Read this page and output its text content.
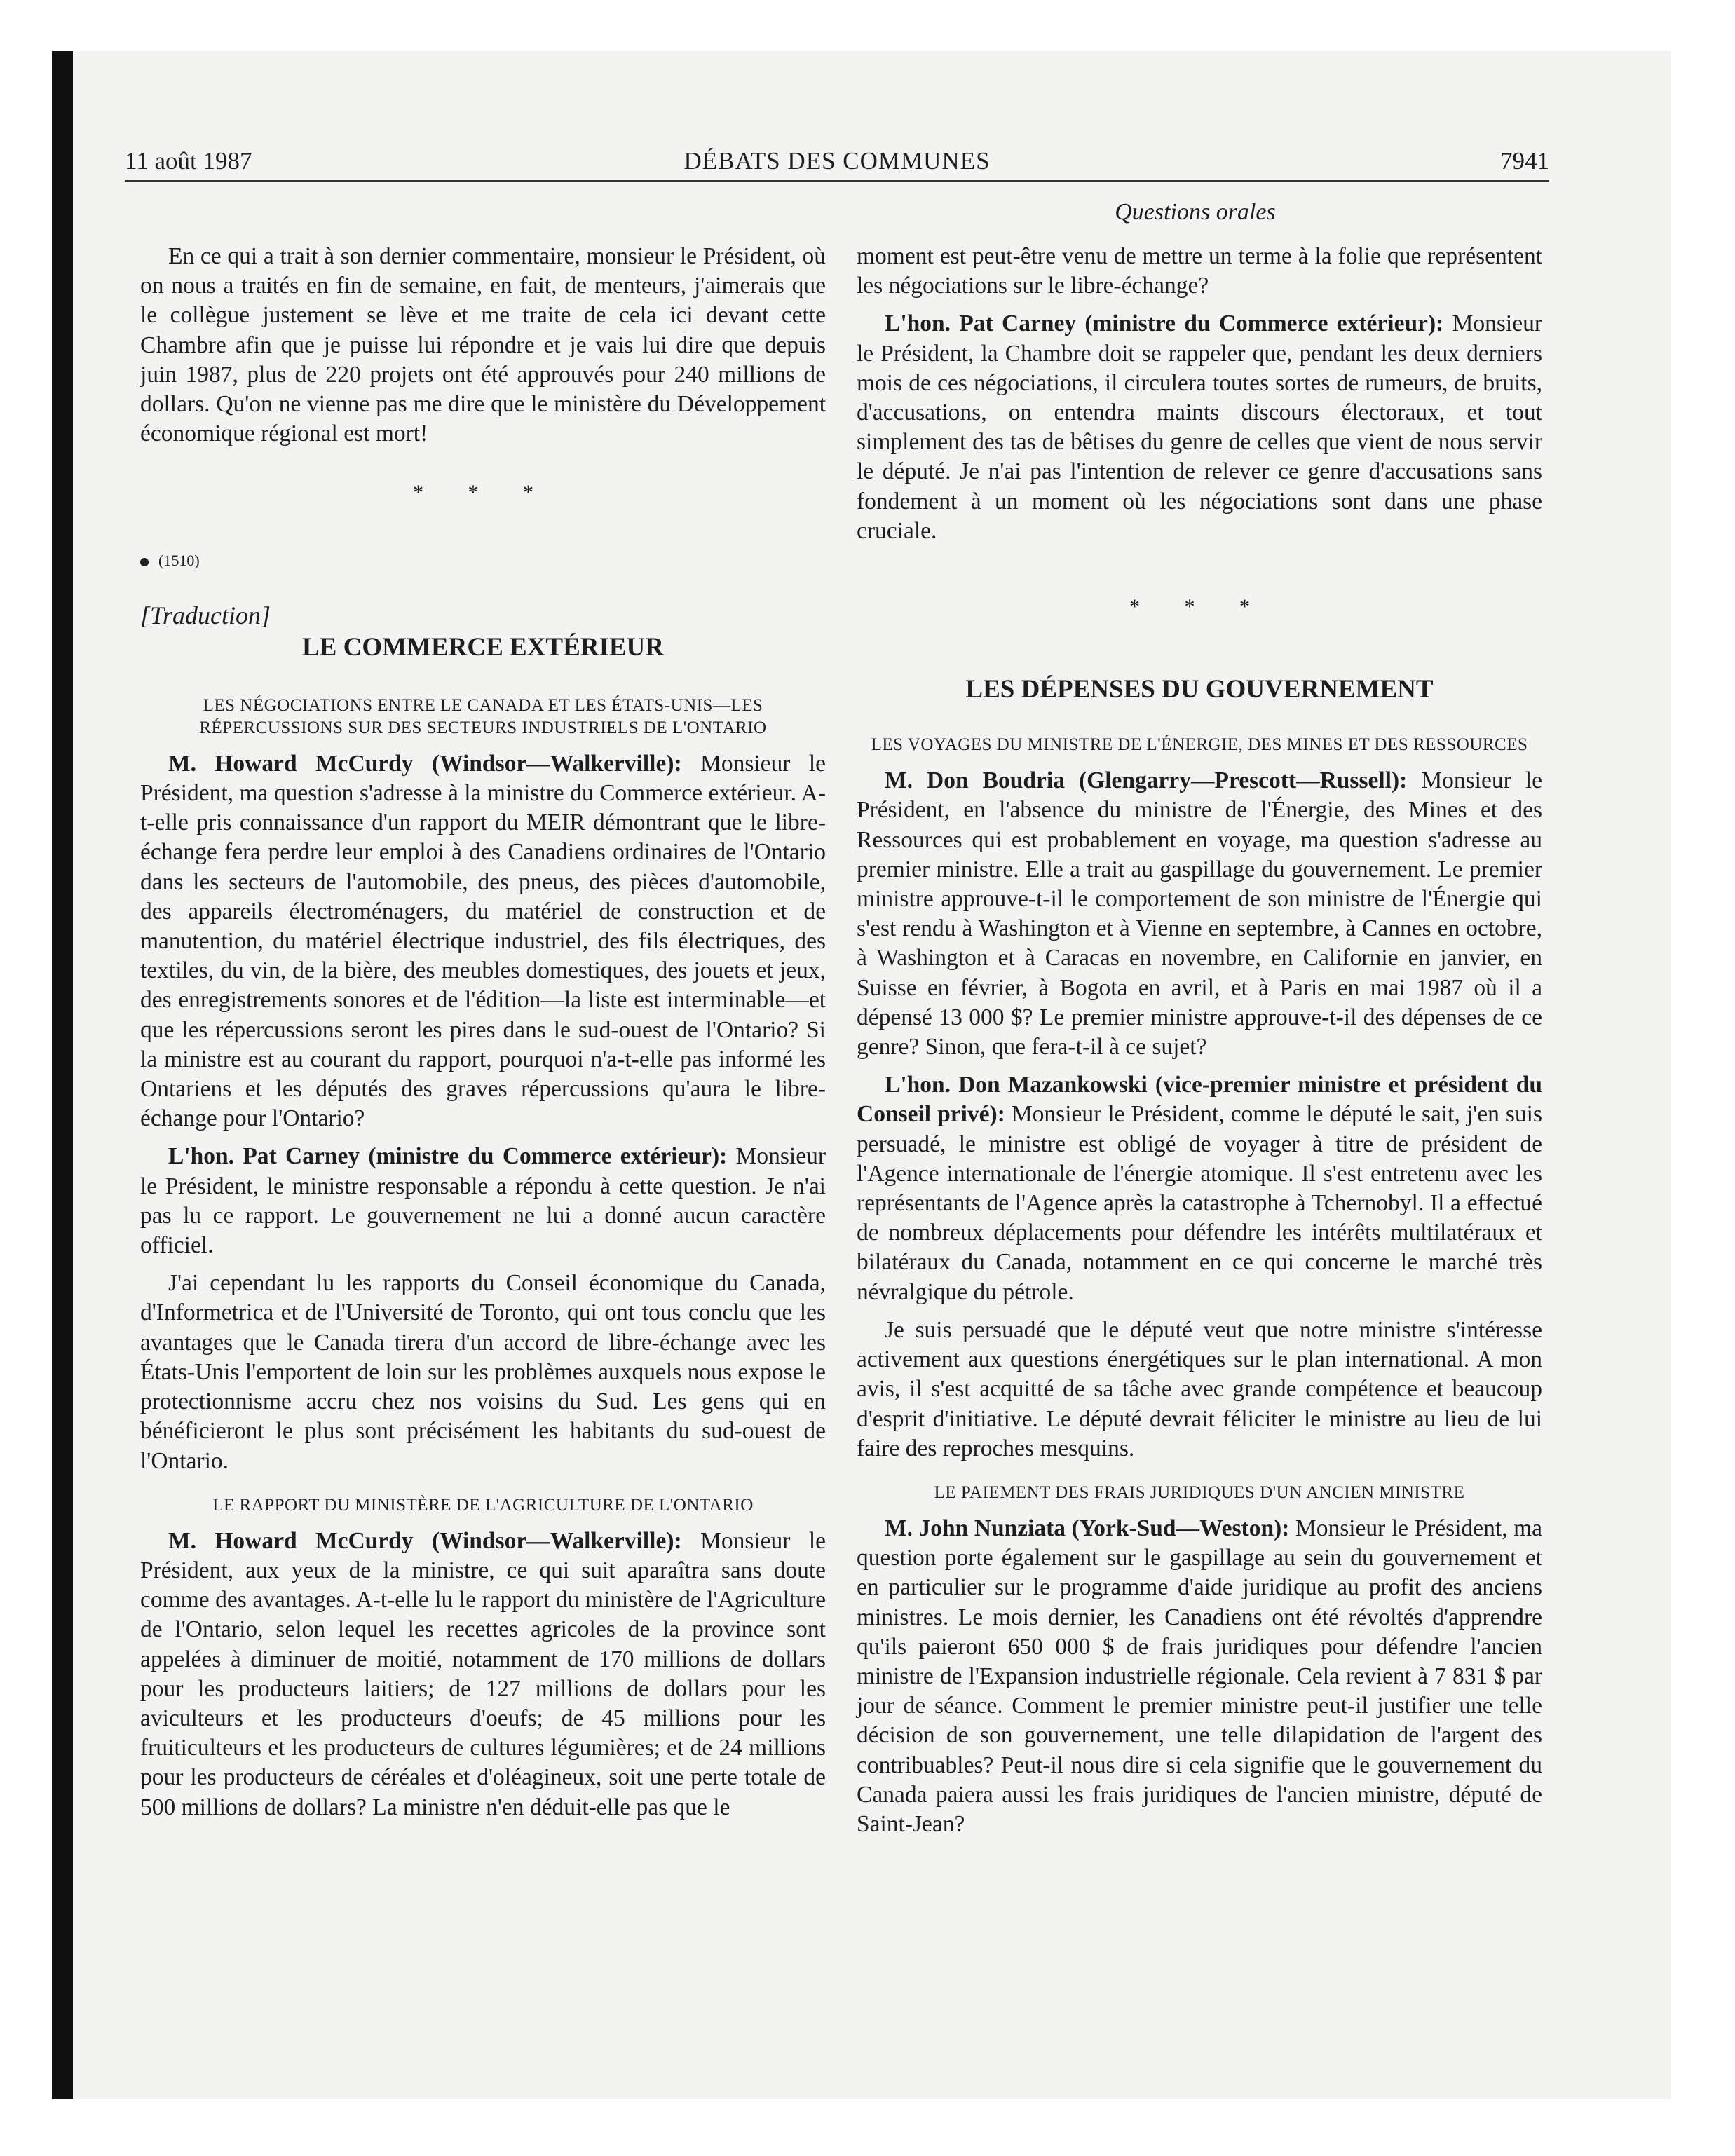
11 août 1987	DÉBATS DES COMMUNES	7941
Questions orales

En ce qui a trait à son dernier commentaire, monsieur le Président, où on nous a traités en fin de semaine, en fait, de menteurs, j'aimerais que le collègue justement se lève et me traite de cela ici devant cette Chambre afin que je puisse lui répondre et je vais lui dire que depuis juin 1987, plus de 220 projets ont été approuvés pour 240 millions de dollars. Qu'on ne vienne pas me dire que le ministère du Développement économique régional est mort!

* * *
(1510)
[Traduction]
LE COMMERCE EXTÉRIEUR
LES NÉGOCIATIONS ENTRE LE CANADA ET LES ÉTATS-UNIS—LES RÉPERCUSSIONS SUR DES SECTEURS INDUSTRIELS DE L'ONTARIO

M. Howard McCurdy (Windsor—Walkerville): Monsieur le Président, ma question s'adresse à la ministre du Commerce extérieur. A-t-elle pris connaissance d'un rapport du MEIR démontrant que le libre-échange fera perdre leur emploi à des Canadiens ordinaires de l'Ontario dans les secteurs de l'automobile, des pneus, des pièces d'automobile, des appareils électroménagers, du matériel de construction et de manutention, du matériel électrique industriel, des fils électriques, des textiles, du vin, de la bière, des meubles domestiques, des jouets et jeux, des enregistrements sonores et de l'édition—la liste est interminable—et que les répercussions seront les pires dans le sud-ouest de l'Ontario? Si la ministre est au courant du rapport, pourquoi n'a-t-elle pas informé les Ontariens et les députés des graves répercussions qu'aura le libre-échange pour l'Ontario?

L'hon. Pat Carney (ministre du Commerce extérieur): Monsieur le Président, le ministre responsable a répondu à cette question. Je n'ai pas lu ce rapport. Le gouvernement ne lui a donné aucun caractère officiel.

J'ai cependant lu les rapports du Conseil économique du Canada, d'Informetrica et de l'Université de Toronto, qui ont tous conclu que les avantages que le Canada tirera d'un accord de libre-échange avec les États-Unis l'emportent de loin sur les problèmes auxquels nous expose le protectionnisme accru chez nos voisins du Sud. Les gens qui en bénéficieront le plus sont précisément les habitants du sud-ouest de l'Ontario.

LE RAPPORT DU MINISTÈRE DE L'AGRICULTURE DE L'ONTARIO

M. Howard McCurdy (Windsor—Walkerville): Monsieur le Président, aux yeux de la ministre, ce qui suit aparaîtra sans doute comme des avantages. A-t-elle lu le rapport du ministère de l'Agriculture de l'Ontario, selon lequel les recettes agricoles de la province sont appelées à diminuer de moitié, notamment de 170 millions de dollars pour les producteurs laitiers; de 127 millions de dollars pour les aviculteurs et les producteurs d'oeufs; de 45 millions pour les fruiticulteurs et les producteurs de cultures légumières; et de 24 millions pour les producteurs de céréales et d'oléagineux, soit une perte totale de 500 millions de dollars? La ministre n'en déduit-elle pas que le

moment est peut-être venu de mettre un terme à la folie que représentent les négociations sur le libre-échange?

L'hon. Pat Carney (ministre du Commerce extérieur): Monsieur le Président, la Chambre doit se rappeler que, pendant les deux derniers mois de ces négociations, il circulera toutes sortes de rumeurs, de bruits, d'accusations, on entendra maints discours électoraux, et tout simplement des tas de bêtises du genre de celles que vient de nous servir le député. Je n'ai pas l'intention de relever ce genre d'accusations sans fondement à un moment où les négociations sont dans une phase cruciale.

* * *
LES DÉPENSES DU GOUVERNEMENT
LES VOYAGES DU MINISTRE DE L'ÉNERGIE, DES MINES ET DES RESSOURCES

M. Don Boudria (Glengarry—Prescott—Russell): Monsieur le Président, en l'absence du ministre de l'Énergie, des Mines et des Ressources qui est probablement en voyage, ma question s'adresse au premier ministre. Elle a trait au gaspillage du gouvernement. Le premier ministre approuve-t-il le comportement de son ministre de l'Énergie qui s'est rendu à Washington et à Vienne en septembre, à Cannes en octobre, à Washington et à Caracas en novembre, en Californie en janvier, en Suisse en février, à Bogota en avril, et à Paris en mai 1987 où il a dépensé 13 000 $? Le premier ministre approuve-t-il des dépenses de ce genre? Sinon, que fera-t-il à ce sujet?

L'hon. Don Mazankowski (vice-premier ministre et président du Conseil privé): Monsieur le Président, comme le député le sait, j'en suis persuadé, le ministre est obligé de voyager à titre de président de l'Agence internationale de l'énergie atomique. Il s'est entretenu avec les représentants de l'Agence après la catastrophe à Tchernobyl. Il a effectué de nombreux déplacements pour défendre les intérêts multilatéraux et bilatéraux du Canada, notamment en ce qui concerne le marché très névralgique du pétrole.

Je suis persuadé que le député veut que notre ministre s'intéresse activement aux questions énergétiques sur le plan international. A mon avis, il s'est acquitté de sa tâche avec grande compétence et beaucoup d'esprit d'initiative. Le député devrait féliciter le ministre au lieu de lui faire des reproches mesquins.

LE PAIEMENT DES FRAIS JURIDIQUES D'UN ANCIEN MINISTRE

M. John Nunziata (York-Sud—Weston): Monsieur le Président, ma question porte également sur le gaspillage au sein du gouvernement et en particulier sur le programme d'aide juridique au profit des anciens ministres. Le mois dernier, les Canadiens ont été révoltés d'apprendre qu'ils paieront 650 000 $ de frais juridiques pour défendre l'ancien ministre de l'Expansion industrielle régionale. Cela revient à 7 831 $ par jour de séance. Comment le premier ministre peut-il justifier une telle décision de son gouvernement, une telle dilapidation de l'argent des contribuables? Peut-il nous dire si cela signifie que le gouvernement du Canada paiera aussi les frais juridiques de l'ancien ministre, député de Saint-Jean?
